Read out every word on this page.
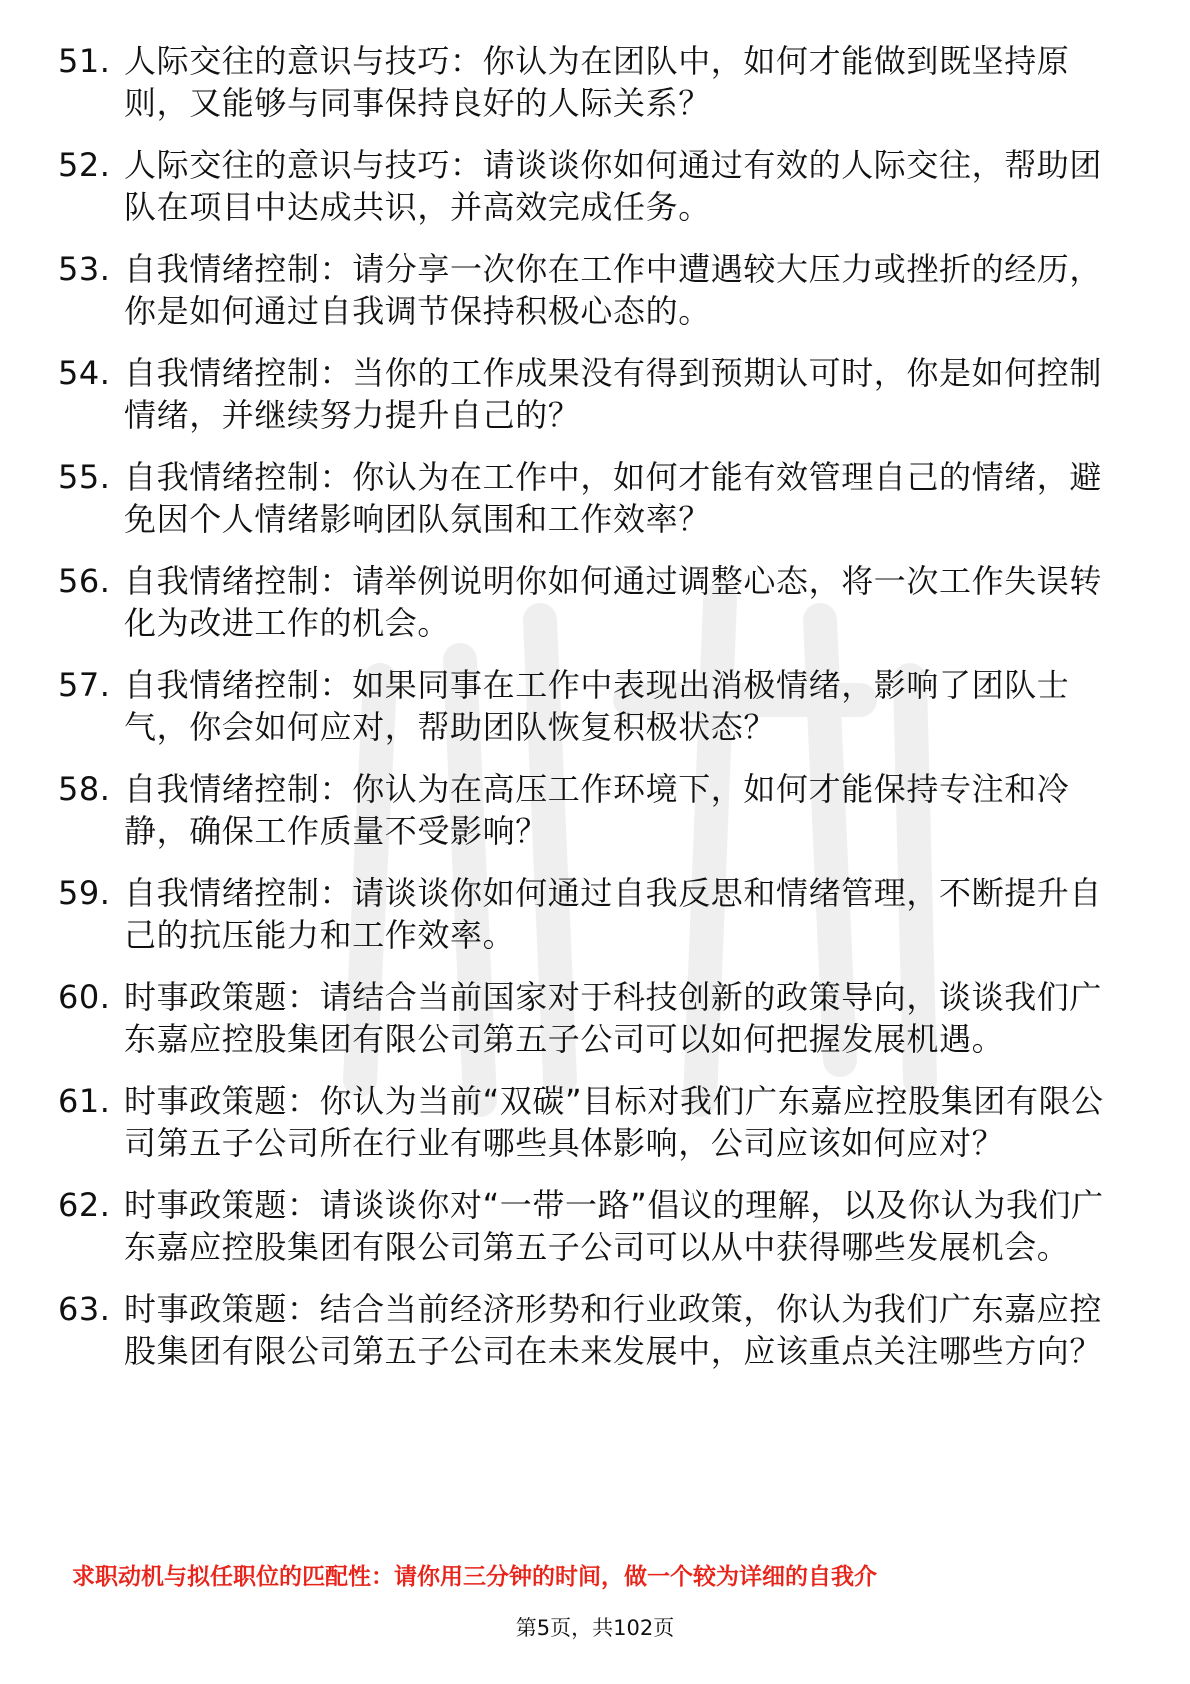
51. 人际交往的意识与技巧：你认为在团队中，如何才能做到既坚持原则，又能够与同事保持良好的人际关系？
52. 人际交往的意识与技巧：请谈谈你如何通过有效的人际交往，帮助团队在项目中达成共识，并高效完成任务。
53. 自我情绪控制：请分享一次你在工作中遭遇较大压力或挫折的经历，你是如何通过自我调节保持积极心态的。
54. 自我情绪控制：当你的工作成果没有得到预期认可时，你是如何控制情绪，并继续努力提升自己的？
55. 自我情绪控制：你认为在工作中，如何才能有效管理自己的情绪，避免因个人情绪影响团队氛围和工作效率？
56. 自我情绪控制：请举例说明你如何通过调整心态，将一次工作失误转化为改进工作的机会。
57. 自我情绪控制：如果同事在工作中表现出消极情绪，影响了团队士气，你会如何应对，帮助团队恢复积极状态？
58. 自我情绪控制：你认为在高压工作环境下，如何才能保持专注和冷静，确保工作质量不受影响？
59. 自我情绪控制：请谈谈你如何通过自我反思和情绪管理，不断提升自己的抗压能力和工作效率。
60. 时事政策题：请结合当前国家对于科技创新的政策导向，谈谈我们广东嘉应控股集团有限公司第五子公司可以如何把握发展机遇。
61. 时事政策题：你认为当前“双碳”目标对我们广东嘉应控股集团有限公司第五子公司所在行业有哪些具体影响，公司应该如何应对？
62. 时事政策题：请谈谈你对“一带一路”倡议的理解，以及你认为我们广东嘉应控股集团有限公司第五子公司可以从中获得哪些发展机会。
63. 时事政策题：结合当前经济形势和行业政策，你认为我们广东嘉应控股集团有限公司第五子公司在未来发展中，应该重点关注哪些方向？
求职动机与拟任职位的匹配性：请你用三分钟的时间，做一个较为详细的自我介
第5页，共102页
